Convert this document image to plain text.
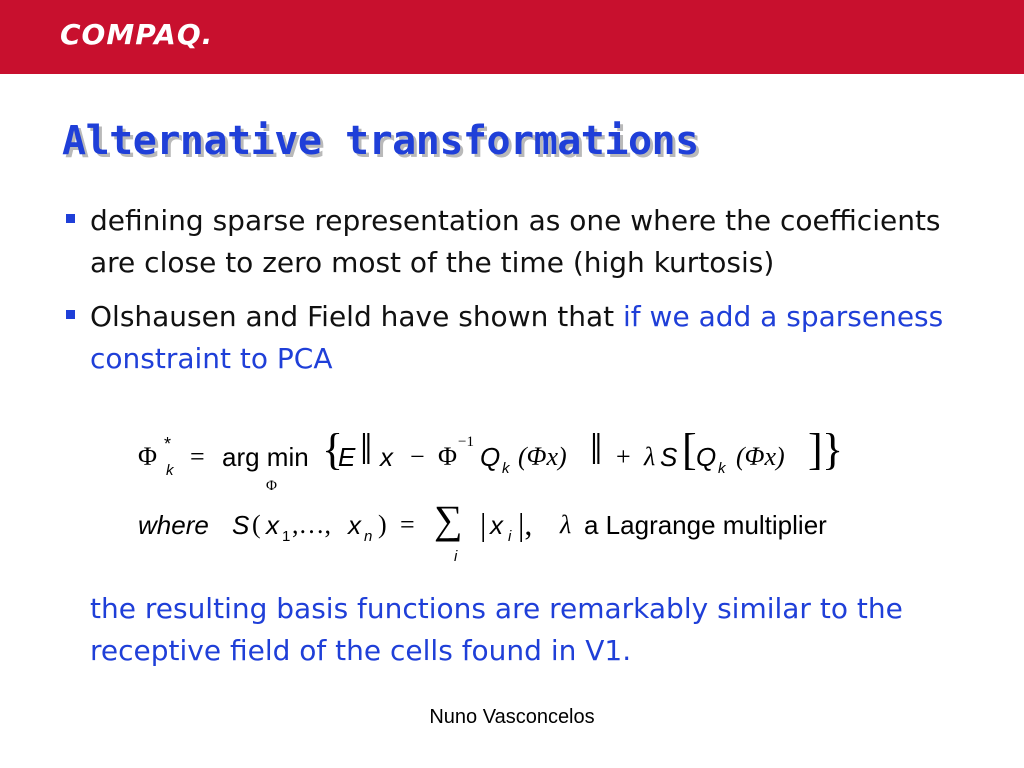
COMPAQ.
Alternative transformations

defining sparse representation as one where the coefficients are close to zero most of the time (high kurtosis)

Olshausen and Field have shown that if we add a sparseness constraint to PCA

Φ *
k = arg min
Φ
{
E ‖ x − Φ −1 Q k (Φx) ‖ + λ S [ Q k (Φx) ] }
where S ( x 1 ,…, x n ) = ∑
i
| x i |, λ a Lagrange multiplier
the resulting basis functions are remarkably similar to the receptive field of the cells found in V1.
Nuno Vasconcelos
